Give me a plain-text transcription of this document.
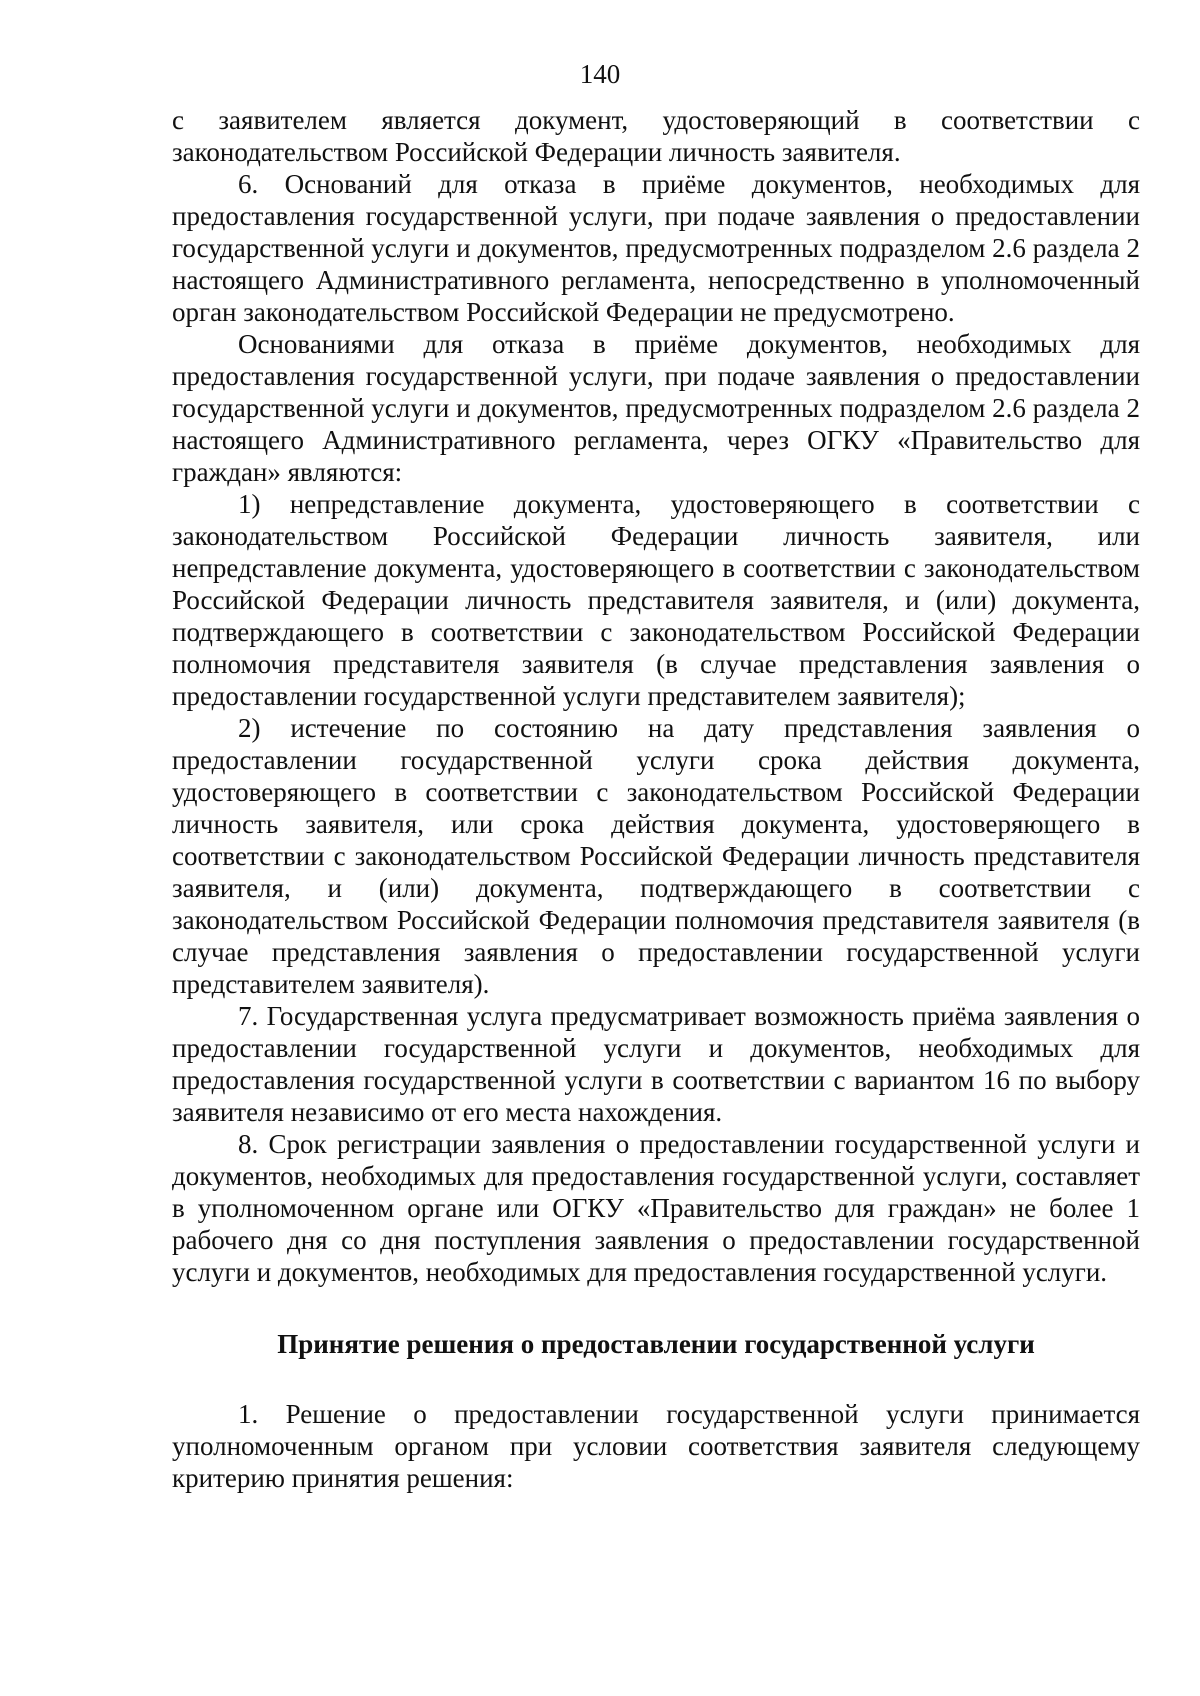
140

с заявителем является документ, удостоверяющий в соответствии с законодательством Российской Федерации личность заявителя.

6. Оснований для отказа в приёме документов, необходимых для предоставления государственной услуги, при подаче заявления о предоставлении государственной услуги и документов, предусмотренных подразделом 2.6 раздела 2 настоящего Административного регламента, непосредственно в уполномоченный орган законодательством Российской Федерации не предусмотрено.

Основаниями для отказа в приёме документов, необходимых для предоставления государственной услуги, при подаче заявления о предоставлении государственной услуги и документов, предусмотренных подразделом 2.6 раздела 2 настоящего Административного регламента, через ОГКУ «Правительство для граждан» являются:

1) непредставление документа, удостоверяющего в соответствии с законодательством Российской Федерации личность заявителя, или непредставление документа, удостоверяющего в соответствии с законодательством Российской Федерации личность представителя заявителя, и (или) документа, подтверждающего в соответствии с законодательством Российской Федерации полномочия представителя заявителя (в случае представления заявления о предоставлении государственной услуги представителем заявителя);

2) истечение по состоянию на дату представления заявления о предоставлении государственной услуги срока действия документа, удостоверяющего в соответствии с законодательством Российской Федерации личность заявителя, или срока действия документа, удостоверяющего в соответствии с законодательством Российской Федерации личность представителя заявителя, и (или) документа, подтверждающего в соответствии с законодательством Российской Федерации полномочия представителя заявителя (в случае представления заявления о предоставлении государственной услуги представителем заявителя).

7. Государственная услуга предусматривает возможность приёма заявления о предоставлении государственной услуги и документов, необходимых для предоставления государственной услуги в соответствии с вариантом 16 по выбору заявителя независимо от его места нахождения.

8. Срок регистрации заявления о предоставлении государственной услуги и документов, необходимых для предоставления государственной услуги, составляет в уполномоченном органе или ОГКУ «Правительство для граждан» не более 1 рабочего дня со дня поступления заявления о предоставлении государственной услуги и документов, необходимых для предоставления государственной услуги.

Принятие решения о предоставлении государственной услуги

1. Решение о предоставлении государственной услуги принимается уполномоченным органом при условии соответствия заявителя следующему критерию принятия решения:
